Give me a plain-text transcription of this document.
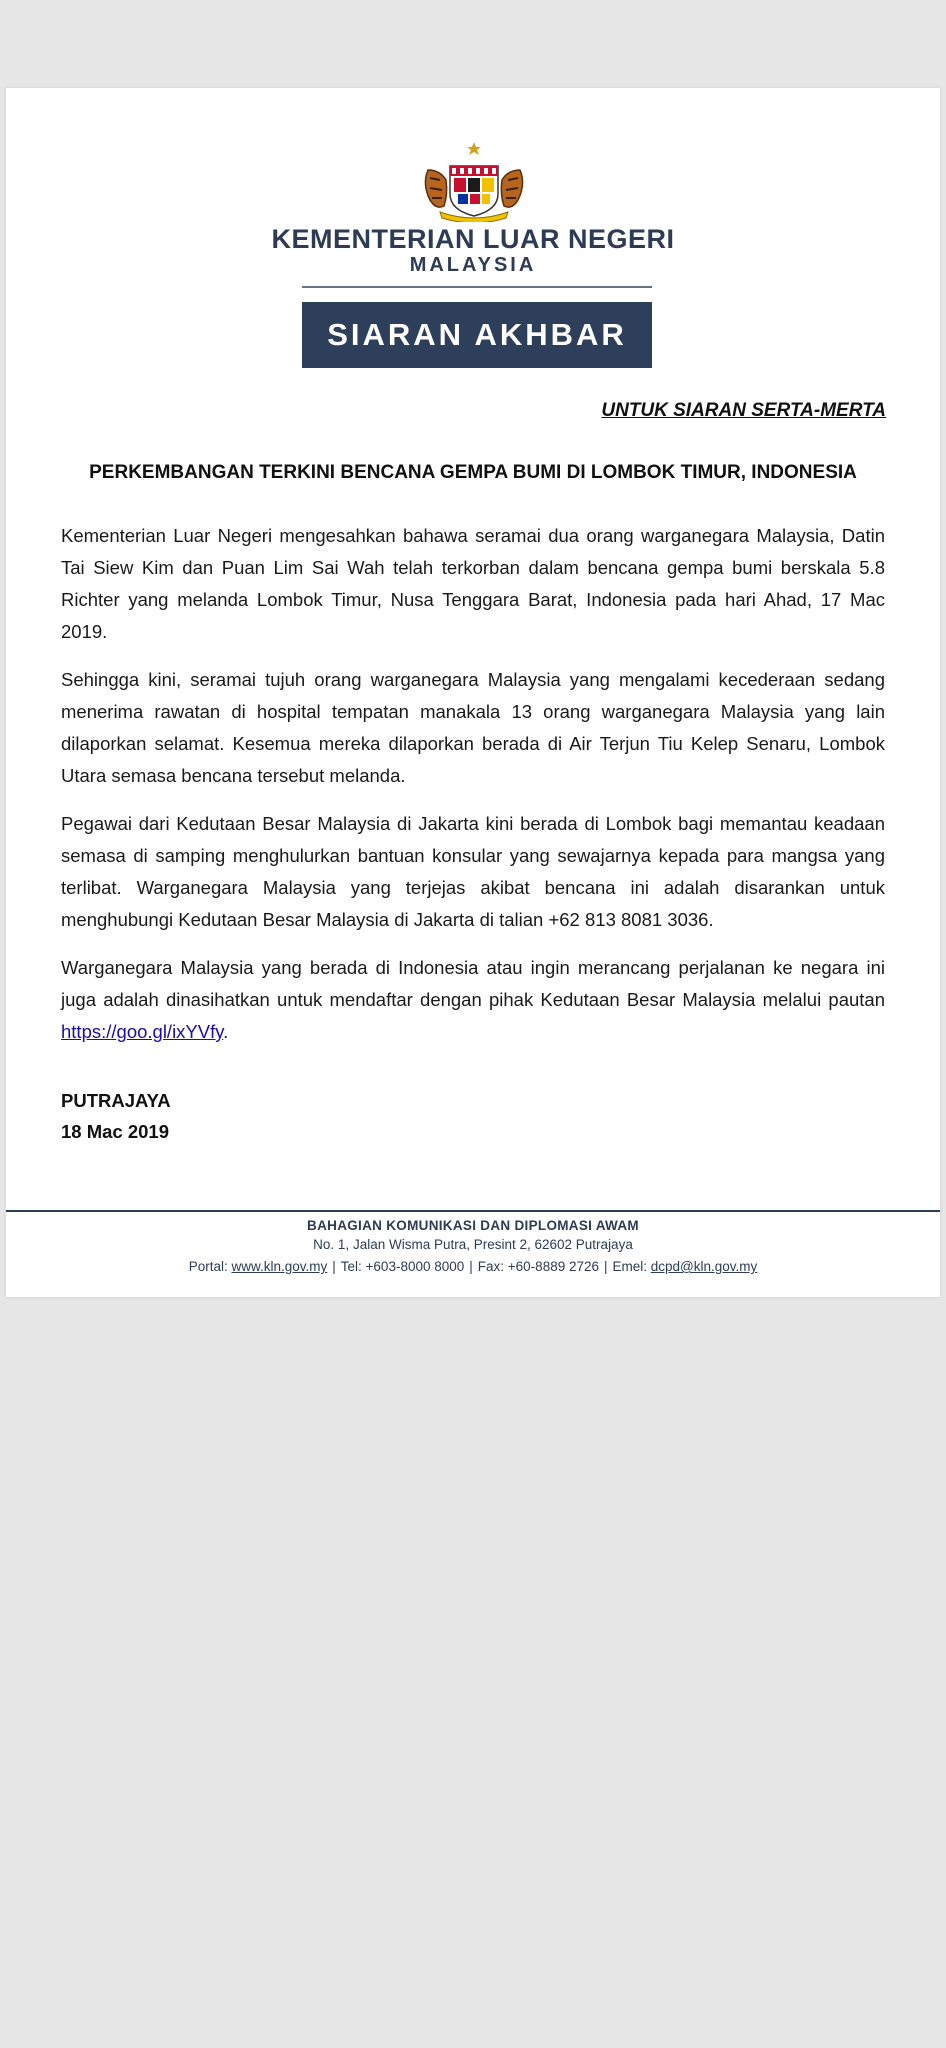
KEMENTERIAN LUAR NEGERI
MALAYSIA
SIARAN AKHBAR
UNTUK SIARAN SERTA-MERTA
PERKEMBANGAN TERKINI BENCANA GEMPA BUMI DI LOMBOK TIMUR, INDONESIA

Kementerian Luar Negeri mengesahkan bahawa seramai dua orang warganegara Malaysia, Datin Tai Siew Kim dan Puan Lim Sai Wah telah terkorban dalam bencana gempa bumi berskala 5.8 Richter yang melanda Lombok Timur, Nusa Tenggara Barat, Indonesia pada hari Ahad, 17 Mac 2019.

Sehingga kini, seramai tujuh orang warganegara Malaysia yang mengalami kecederaan sedang menerima rawatan di hospital tempatan manakala 13 orang warganegara Malaysia yang lain dilaporkan selamat. Kesemua mereka dilaporkan berada di Air Terjun Tiu Kelep Senaru, Lombok Utara semasa bencana tersebut melanda.

Pegawai dari Kedutaan Besar Malaysia di Jakarta kini berada di Lombok bagi memantau keadaan semasa di samping menghulurkan bantuan konsular yang sewajarnya kepada para mangsa yang terlibat. Warganegara Malaysia yang terjejas akibat bencana ini adalah disarankan untuk menghubungi Kedutaan Besar Malaysia di Jakarta di talian +62 813 8081 3036.

Warganegara Malaysia yang berada di Indonesia atau ingin merancang perjalanan ke negara ini juga adalah dinasihatkan untuk mendaftar dengan pihak Kedutaan Besar Malaysia melalui pautan https://goo.gl/ixYVfy.

PUTRAJAYA
18 Mac 2019
BAHAGIAN KOMUNIKASI DAN DIPLOMASI AWAM
No. 1, Jalan Wisma Putra, Presint 2, 62602 Putrajaya
Portal: www.kln.gov.my | Tel: +603-8000 8000 | Fax: +60-8889 2726 | Emel: dcpd@kln.gov.my
